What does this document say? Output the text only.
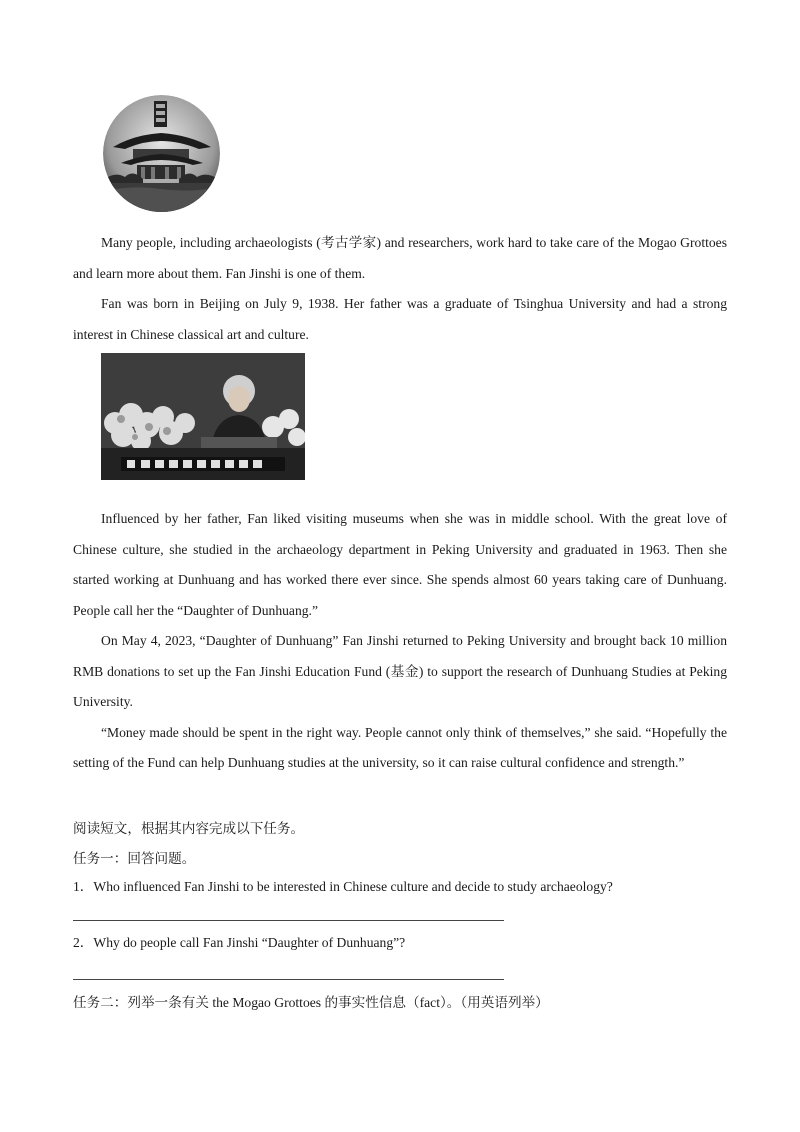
Many people, including archaeologists (考古学家) and researchers, work hard to take care of the Mogao Grottoes and learn more about them. Fan Jinshi is one of them.

Fan was born in Beijing on July 9, 1938. Her father was a graduate of Tsinghua University and had a strong interest in Chinese classical art and culture.

Influenced by her father, Fan liked visiting museums when she was in middle school. With the great love of Chinese culture, she studied in the archaeology department in Peking University and graduated in 1963. Then she started working at Dunhuang and has worked there ever since. She spends almost 60 years taking care of Dunhuang. People call her the “Daughter of Dunhuang.”

On May 4, 2023, “Daughter of Dunhuang” Fan Jinshi returned to Peking University and brought back 10 million RMB donations to set up the Fan Jinshi Education Fund (基金) to support the research of Dunhuang Studies at Peking University.

“Money made should be spent in the right way. People cannot only think of themselves,” she said. “Hopefully the setting of the Fund can help Dunhuang studies at the university, so it can raise cultural confidence and strength.”

阅读短文，根据其内容完成以下任务。
任务一：回答问题。
1．Who influenced Fan Jinshi to be interested in Chinese culture and decide to study archaeology?
2．Why do people call Fan Jinshi “Daughter of Dunhuang”?
任务二：列举一条有关 the Mogao Grottoes 的事实性信息（fact）。（用英语列举）
